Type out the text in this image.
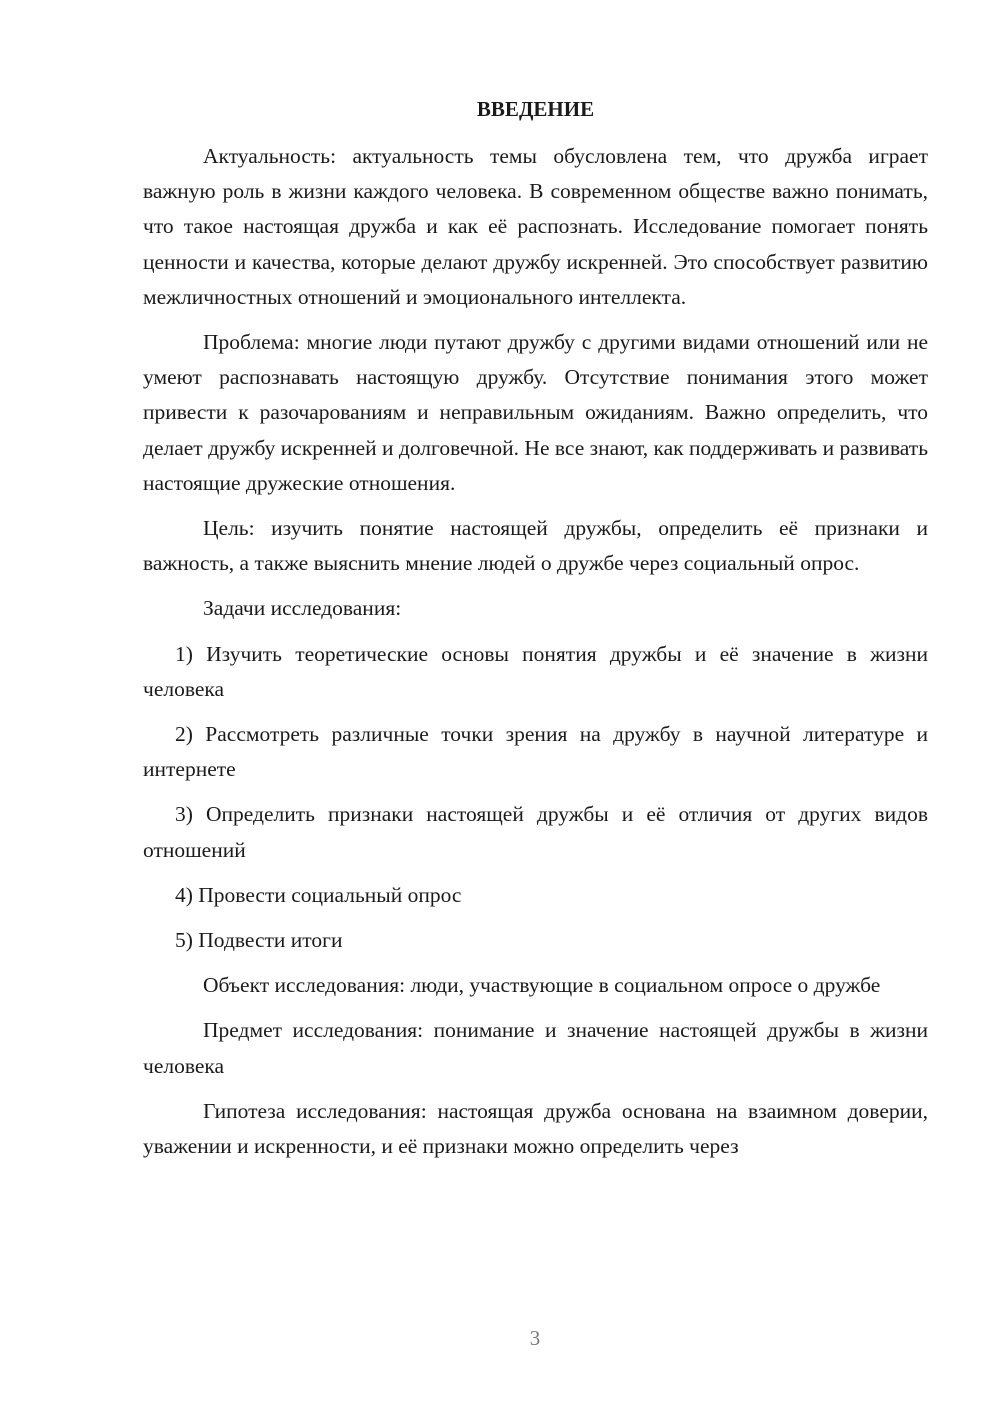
ВВЕДЕНИЕ

Актуальность: актуальность темы обусловлена тем, что дружба играет важную роль в жизни каждого человека. В современном обществе важно понимать, что такое настоящая дружба и как её распознать. Исследование помогает понять ценности и качества, которые делают дружбу искренней. Это способствует развитию межличностных отношений и эмоционального интеллекта.

Проблема: многие люди путают дружбу с другими видами отношений или не умеют распознавать настоящую дружбу. Отсутствие понимания этого может привести к разочарованиям и неправильным ожиданиям. Важно определить, что делает дружбу искренней и долговечной. Не все знают, как поддерживать и развивать настоящие дружеские отношения.

Цель: изучить понятие настоящей дружбы, определить её признаки и важность, а также выяснить мнение людей о дружбе через социальный опрос.

Задачи исследования:

1) Изучить теоретические основы понятия дружбы и её значение в жизни человека

2) Рассмотреть различные точки зрения на дружбу в научной литературе и интернете

3) Определить признаки настоящей дружбы и её отличия от других видов отношений

4) Провести социальный опрос

5) Подвести итоги

Объект исследования: люди, участвующие в социальном опросе о дружбе

Предмет исследования: понимание и значение настоящей дружбы в жизни человека

Гипотеза исследования: настоящая дружба основана на взаимном доверии, уважении и искренности, и её признаки можно определить через

3
